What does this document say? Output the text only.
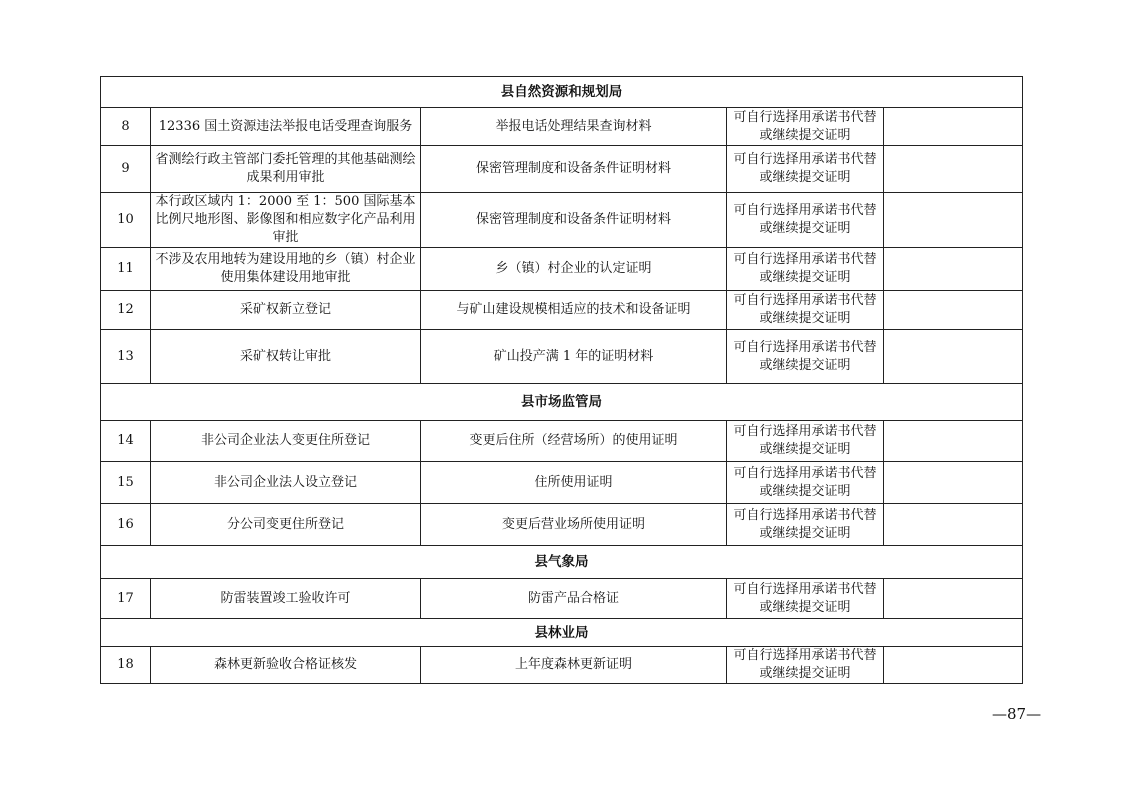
县自然资源和规划局				
8	12336 国土资源违法举报电话受理查询服务	举报电话处理结果查询材料	可自行选择用承诺书代替或继续提交证明	
9	省测绘行政主管部门委托管理的其他基础测绘成果利用审批	保密管理制度和设备条件证明材料	可自行选择用承诺书代替或继续提交证明	
10	本行政区域内 1：2000 至 1：500 国际基本比例尺地形图、影像图和相应数字化产品利用审批	保密管理制度和设备条件证明材料	可自行选择用承诺书代替或继续提交证明	
11	不涉及农用地转为建设用地的乡（镇）村企业使用集体建设用地审批	乡（镇）村企业的认定证明	可自行选择用承诺书代替或继续提交证明	
12	采矿权新立登记	与矿山建设规模相适应的技术和设备证明	可自行选择用承诺书代替或继续提交证明	
13	采矿权转让审批	矿山投产满 1 年的证明材料	可自行选择用承诺书代替或继续提交证明	
县市场监管局				
14	非公司企业法人变更住所登记	变更后住所（经营场所）的使用证明	可自行选择用承诺书代替或继续提交证明	
15	非公司企业法人设立登记	住所使用证明	可自行选择用承诺书代替或继续提交证明	
16	分公司变更住所登记	变更后营业场所使用证明	可自行选择用承诺书代替或继续提交证明	
县气象局				
17	防雷装置竣工验收许可	防雷产品合格证	可自行选择用承诺书代替或继续提交证明	
县林业局				
18	森林更新验收合格证核发	上年度森林更新证明	可自行选择用承诺书代替或继续提交证明	
—87—
